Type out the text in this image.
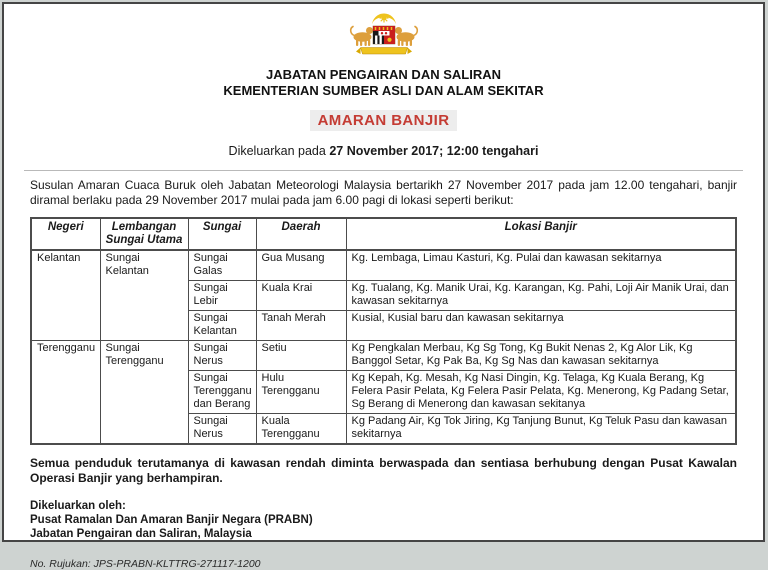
JABATAN PENGAIRAN DAN SALIRAN
KEMENTERIAN SUMBER ASLI DAN ALAM SEKITAR
AMARAN BANJIR
Dikeluarkan pada 27 November 2017; 12:00 tengahari

Susulan Amaran Cuaca Buruk oleh Jabatan Meteorologi Malaysia bertarikh 27 November 2017 pada jam 12.00 tengahari, banjir diramal berlaku pada 29 November 2017 mulai pada jam 6.00 pagi di lokasi seperti berikut:

Negeri	Lembangan Sungai Utama	Sungai	Daerah	Lokasi Banjir
Kelantan	Sungai Kelantan	Sungai Galas	Gua Musang	Kg. Lembaga, Limau Kasturi, Kg. Pulai dan kawasan sekitarnya
		Sungai Lebir	Kuala Krai	Kg. Tualang, Kg. Manik Urai, Kg. Karangan, Kg. Pahi, Loji Air Manik Urai, dan kawasan sekitarnya
		Sungai Kelantan	Tanah Merah	Kusial, Kusial baru dan kawasan sekitarnya
Terengganu	Sungai Terengganu	Sungai Nerus	Setiu	Kg Pengkalan Merbau, Kg Sg Tong, Kg Bukit Nenas 2, Kg Alor Lik, Kg Banggol Setar, Kg Pak Ba, Kg Sg Nas dan kawasan sekitarnya
		Sungai Terengganu dan Berang	Hulu Terengganu	Kg Kepah, Kg. Mesah, Kg Nasi Dingin, Kg. Telaga, Kg Kuala Berang, Kg Felera Pasir Pelata, Kg Felera Pasir Pelata, Kg. Menerong, Kg Padang Setar, Sg Berang di Menerong dan kawasan sekitanya
		Sungai Nerus	Kuala Terengganu	Kg Padang Air, Kg Tok Jiring, Kg Tanjung Bunut, Kg Teluk Pasu dan kawasan sekitarnya

Semua penduduk terutamanya di kawasan rendah diminta berwaspada dan sentiasa berhubung dengan Pusat Kawalan Operasi Banjir yang berhampiran.

Dikeluarkan oleh:
Pusat Ramalan Dan Amaran Banjir Negara (PRABN)
Jabatan Pengairan dan Saliran, Malaysia
No. Rujukan: JPS-PRABN-KLTTRG-271117-1200
